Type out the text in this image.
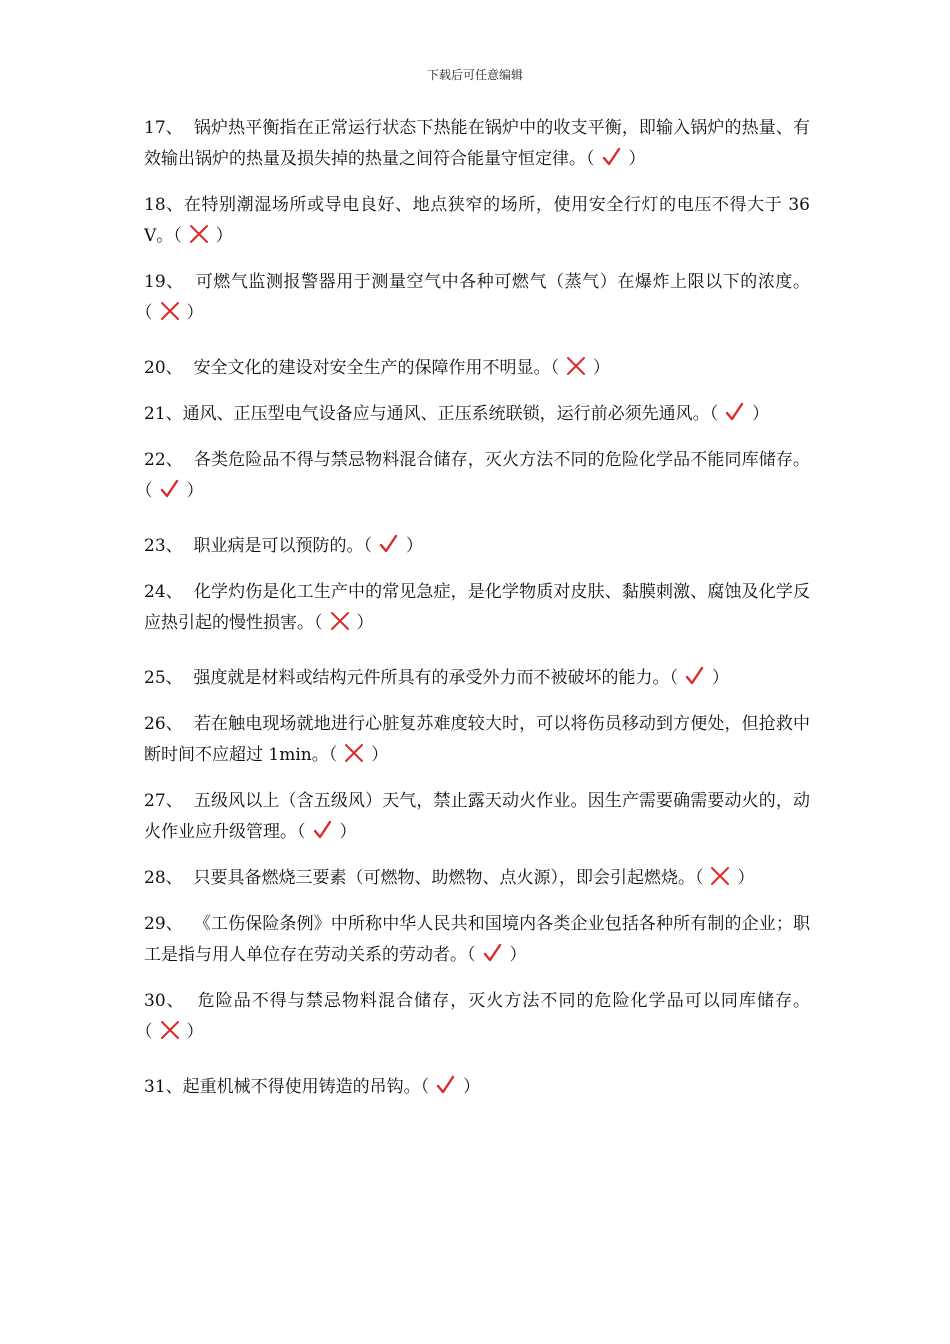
下载后可任意编辑
17、  锅炉热平衡指在正常运行状态下热能在锅炉中的收支平衡，即输入锅炉的热量、有效输出锅炉的热量及损失掉的热量之间符合能量守恒定律。（ ）
18、在特别潮湿场所或导电良好、地点狭窄的场所，使用安全行灯的电压不得大于 36V。（ ）
19、  可燃气监测报警器用于测量空气中各种可燃气（蒸气）在爆炸上限以下的浓度。（ ）
20、  安全文化的建设对安全生产的保障作用不明显。（ ）
21、通风、正压型电气设备应与通风、正压系统联锁，运行前必须先通风。（ ）
22、  各类危险品不得与禁忌物料混合储存，灭火方法不同的危险化学品不能同库储存。（ ）
23、  职业病是可以预防的。（ ）
24、  化学灼伤是化工生产中的常见急症，是化学物质对皮肤、黏膜刺激、腐蚀及化学反应热引起的慢性损害。（ ）
25、  强度就是材料或结构元件所具有的承受外力而不被破坏的能力。（ ）
26、  若在触电现场就地进行心脏复苏难度较大时，可以将伤员移动到方便处，但抢救中断时间不应超过 1min。（ ）
27、  五级风以上（含五级风）天气，禁止露天动火作业。因生产需要确需要动火的，动火作业应升级管理。（ ）
28、  只要具备燃烧三要素（可燃物、助燃物、点火源），即会引起燃烧。（ ）
29、  《工伤保险条例》中所称中华人民共和国境内各类企业包括各种所有制的企业；职工是指与用人单位存在劳动关系的劳动者。（ ）
30、  危险品不得与禁忌物料混合储存，灭火方法不同的危险化学品可以同库储存。（ ）
31、起重机械不得使用铸造的吊钩。（ ）
